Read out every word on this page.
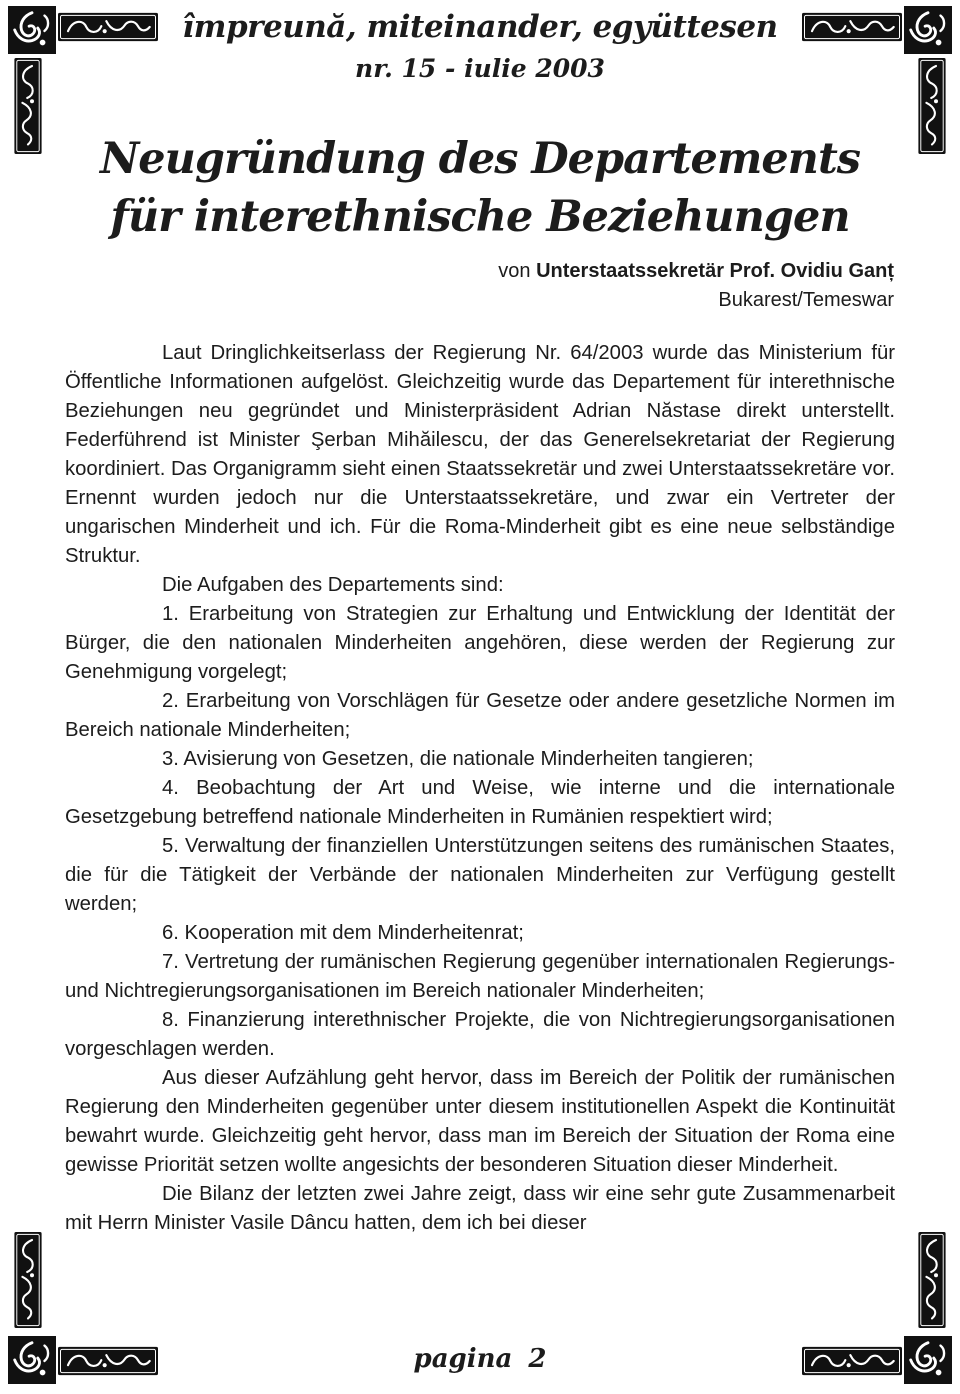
împreună, miteinander, együttesen
nr. 15 - iulie 2003
Neugründung des Departements
für interethnische Beziehungen
von Unterstaatssekretär Prof. Ovidiu Ganț
Bukarest/Temeswar

Laut Dringlichkeitserlass der Regierung Nr. 64/2003 wurde das Ministerium für Öffentliche Informationen aufgelöst. Gleichzeitig wurde das Departement für interethnische Beziehungen neu gegründet und Ministerpräsident Adrian Năstase direkt unterstellt. Federführend ist Minister Şerban Mihăilescu, der das Generelsekretariat der Regierung koordiniert. Das Organigramm sieht einen Staatssekretär und zwei Unterstaatssekretäre vor. Ernennt wurden jedoch nur die Unterstaatssekretäre, und zwar ein Vertreter der ungarischen Minderheit und ich. Für die Roma-Minderheit gibt es eine neue selbständige Struktur.

Die Aufgaben des Departements sind:

1. Erarbeitung von Strategien zur Erhaltung und Entwicklung der Identität der Bürger, die den nationalen Minderheiten angehören, diese werden der Regierung zur Genehmigung vorgelegt;

2. Erarbeitung von Vorschlägen für Gesetze oder andere gesetzliche Normen im Bereich nationale Minderheiten;

3. Avisierung von Gesetzen, die nationale Minderheiten tangieren;

4. Beobachtung der Art und Weise, wie interne und die internationale Gesetzgebung betreffend nationale Minderheiten in Rumänien respektiert wird;

5. Verwaltung der finanziellen Unterstützungen seitens des rumänischen Staates, die für die Tätigkeit der Verbände der nationalen Minderheiten zur Verfügung gestellt werden;

6. Kooperation mit dem Minderheitenrat;

7. Vertretung der rumänischen Regierung gegenüber internationalen Regierungs- und Nichtregierungsorganisationen im Bereich nationaler Minderheiten;

8. Finanzierung interethnischer Projekte, die von Nichtregierungsorganisationen vorgeschlagen werden.

Aus dieser Aufzählung geht hervor, dass im Bereich der Politik der rumänischen Regierung den Minderheiten gegenüber unter diesem institutionellen Aspekt die Kontinuität bewahrt wurde. Gleichzeitig geht hervor, dass man im Bereich der Situation der Roma eine gewisse Priorität setzen wollte angesichts der besonderen Situation dieser Minderheit.

Die Bilanz der letzten zwei Jahre zeigt, dass wir eine sehr gute Zusammenarbeit mit Herrn Minister Vasile Dâncu hatten, dem ich bei dieser

pagina 2
